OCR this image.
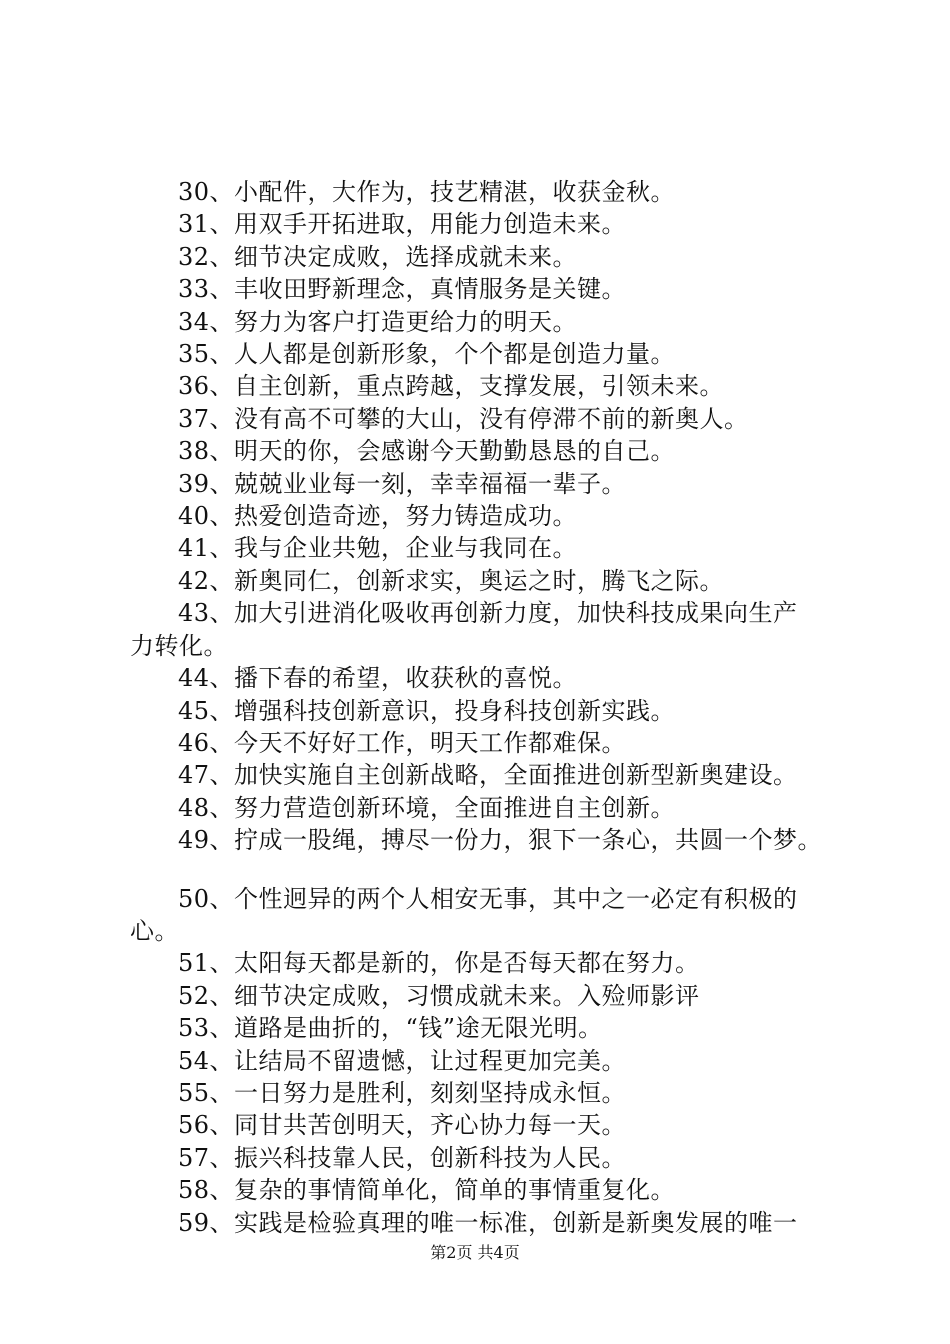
30、小配件，大作为，技艺精湛，收获金秋。
31、用双手开拓进取，用能力创造未来。
32、细节决定成败，选择成就未来。
33、丰收田野新理念，真情服务是关键。
34、努力为客户打造更给力的明天。
35、人人都是创新形象，个个都是创造力量。
36、自主创新，重点跨越，支撑发展，引领未来。
37、没有高不可攀的大山，没有停滞不前的新奥人。
38、明天的你，会感谢今天勤勤恳恳的自己。
39、兢兢业业每一刻，幸幸福福一辈子。
40、热爱创造奇迹，努力铸造成功。
41、我与企业共勉，企业与我同在。
42、新奥同仁，创新求实，奥运之时，腾飞之际。
43、加大引进消化吸收再创新力度，加快科技成果向生产
力转化。
44、播下春的希望，收获秋的喜悦。
45、增强科技创新意识，投身科技创新实践。
46、今天不好好工作，明天工作都难保。
47、加快实施自主创新战略，全面推进创新型新奥建设。
48、努力营造创新环境，全面推进自主创新。
49、拧成一股绳，搏尽一份力，狠下一条心，共圆一个梦。
50、个性迥异的两个人相安无事，其中之一必定有积极的
心。
51、太阳每天都是新的，你是否每天都在努力。
52、细节决定成败，习惯成就未来。入殓师影评
53、道路是曲折的，“钱”途无限光明。
54、让结局不留遗憾，让过程更加完美。
55、一日努力是胜利，刻刻坚持成永恒。
56、同甘共苦创明天，齐心协力每一天。
57、振兴科技靠人民，创新科技为人民。
58、复杂的事情简单化，简单的事情重复化。
59、实践是检验真理的唯一标准，创新是新奥发展的唯一
第2页 共4页
